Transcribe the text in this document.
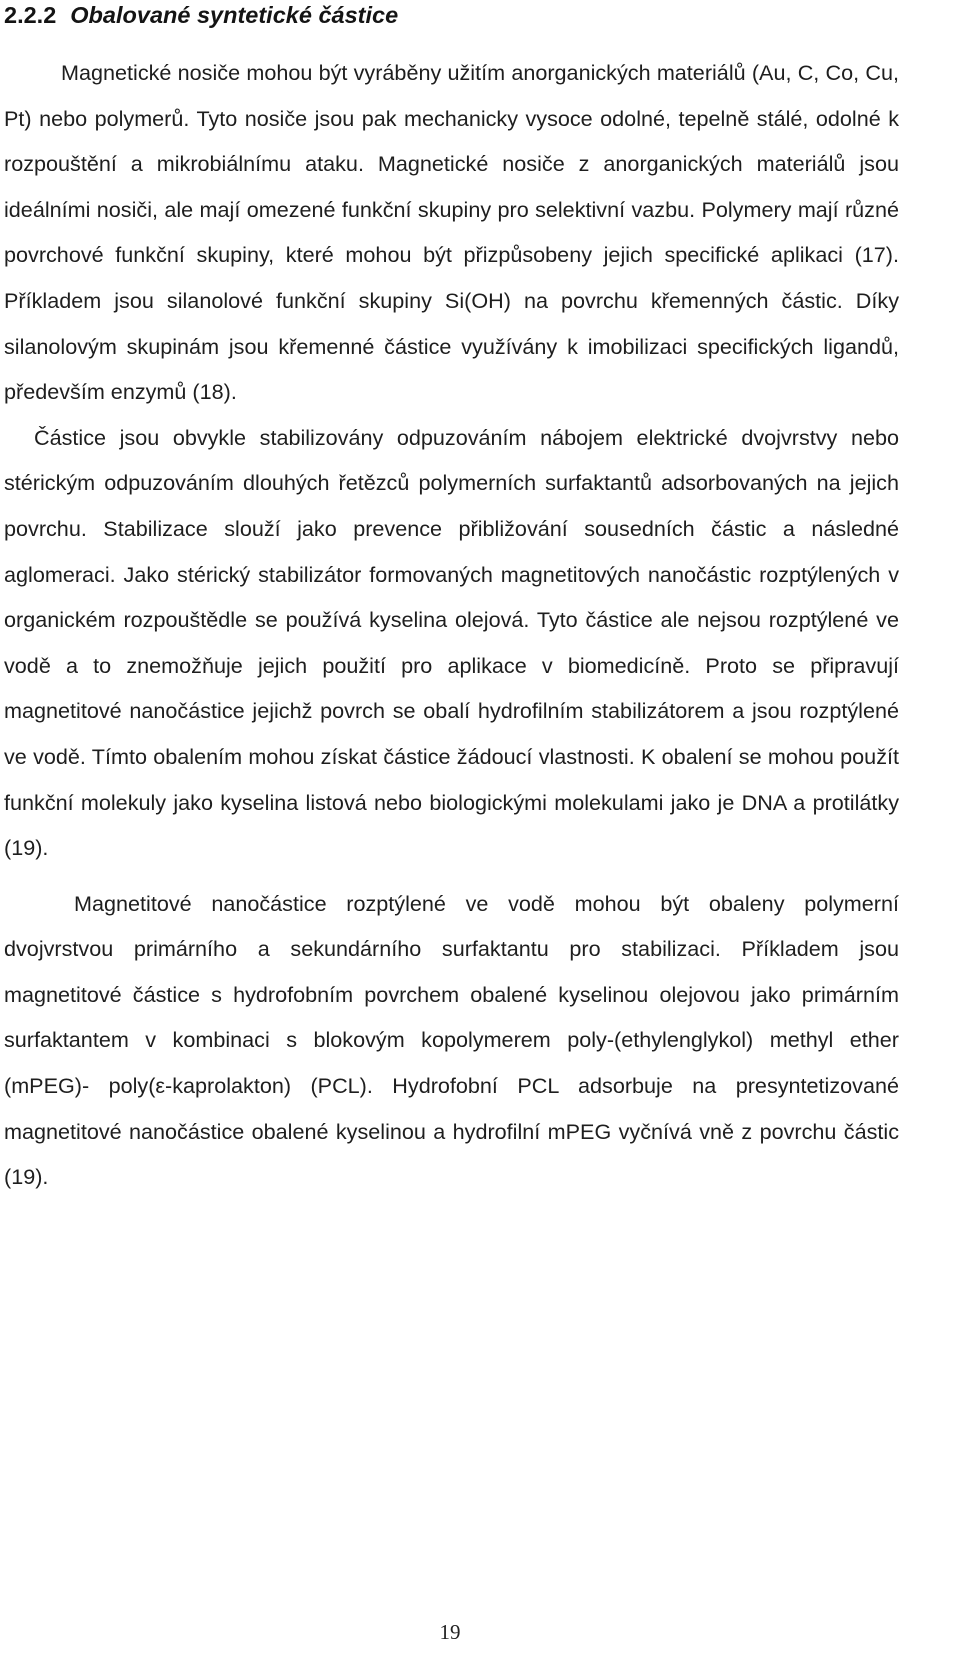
2.2.2 Obalované syntetické částice

Magnetické nosiče mohou být vyráběny užitím anorganických materiálů (Au, C, Co, Cu, Pt) nebo polymerů. Tyto nosiče jsou pak mechanicky vysoce odolné, tepelně stálé, odolné k rozpouštění a mikrobiálnímu ataku. Magnetické nosiče z anorganických materiálů jsou ideálními nosiči, ale mají omezené funkční skupiny pro selektivní vazbu. Polymery mají různé povrchové funkční skupiny, které mohou být přizpůsobeny jejich specifické aplikaci (17). Příkladem jsou silanolové funkční skupiny Si(OH) na povrchu křemenných částic. Díky silanolovým skupinám jsou křemenné částice využívány k imobilizaci specifických ligandů, především enzymů (18).

Částice jsou obvykle stabilizovány odpuzováním nábojem elektrické dvojvrstvy nebo stérickým odpuzováním dlouhých řetězců polymerních surfaktantů adsorbovaných na jejich povrchu. Stabilizace slouží jako prevence přibližování sousedních částic a následné aglomeraci. Jako stérický stabilizátor formovaných magnetitových nanočástic rozptýlených v organickém rozpouštědle se používá kyselina olejová. Tyto částice ale nejsou rozptýlené ve vodě a to znemožňuje jejich použití pro aplikace v biomedicíně. Proto se připravují magnetitové nanočástice jejichž povrch se obalí hydrofilním stabilizátorem a jsou rozptýlené ve vodě. Tímto obalením mohou získat částice žádoucí vlastnosti. K obalení se mohou použít funkční molekuly jako kyselina listová nebo biologickými molekulami jako je DNA a protilátky (19).

Magnetitové nanočástice rozptýlené ve vodě mohou být obaleny polymerní dvojvrstvou primárního a sekundárního surfaktantu pro stabilizaci. Příkladem jsou magnetitové částice s hydrofobním povrchem obalené kyselinou olejovou jako primárním surfaktantem v kombinaci s blokovým kopolymerem poly-(ethylenglykol) methyl ether (mPEG)- poly(ε-kaprolakton) (PCL). Hydrofobní PCL adsorbuje na presyntetizované magnetitové nanočástice obalené kyselinou a hydrofilní mPEG vyčnívá vně z povrchu částic (19).

19
